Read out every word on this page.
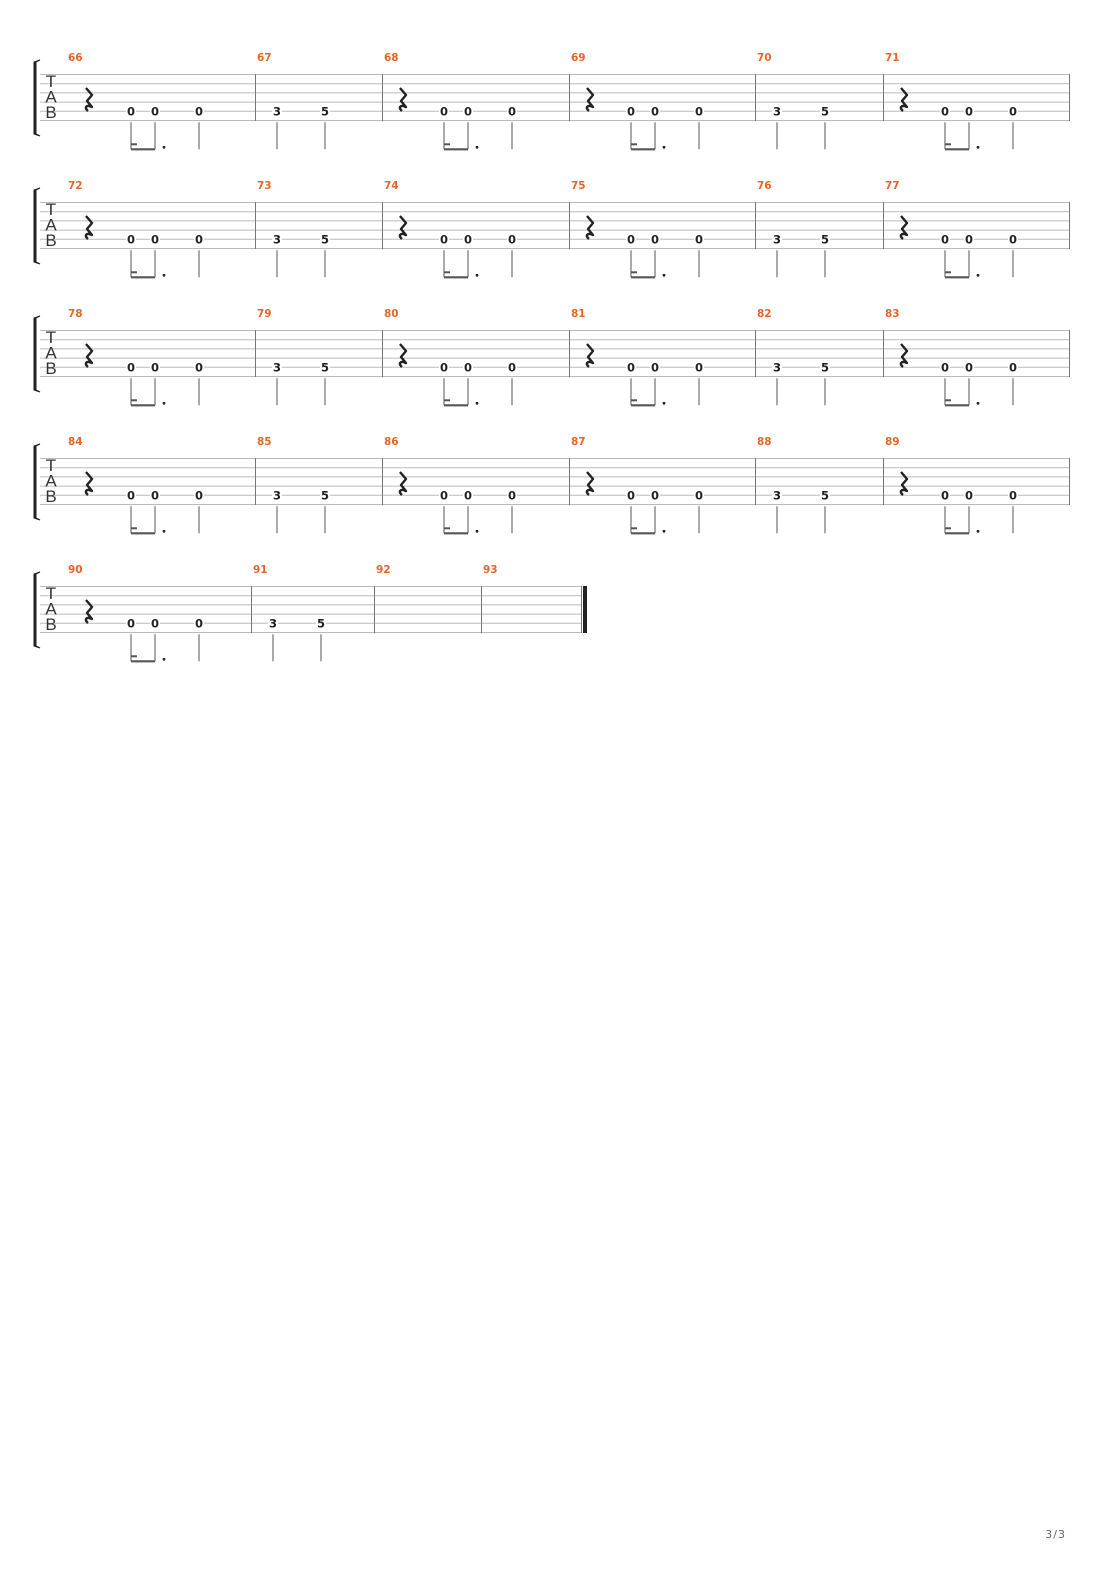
T
A
B
66
0 0	0
67
3	5
68
0 0	0
69
0 0	0
70
3	5
71
0 0	0
T
A
B
72
0 0	0
73
3	5
74
0 0	0
75
0 0	0
76
3	5
77
0 0	0
T
A
B
78
0 0	0
79
3	5
80
0 0	0
81
0 0	0
82
3	5
83
0 0	0
T
A
B
84
0 0	0
85
3	5
86
0 0	0
87
0 0	0
88
3	5
89
0 0	0
T
A
B
90
0 0	0
91
3	5
92	93
3/3
